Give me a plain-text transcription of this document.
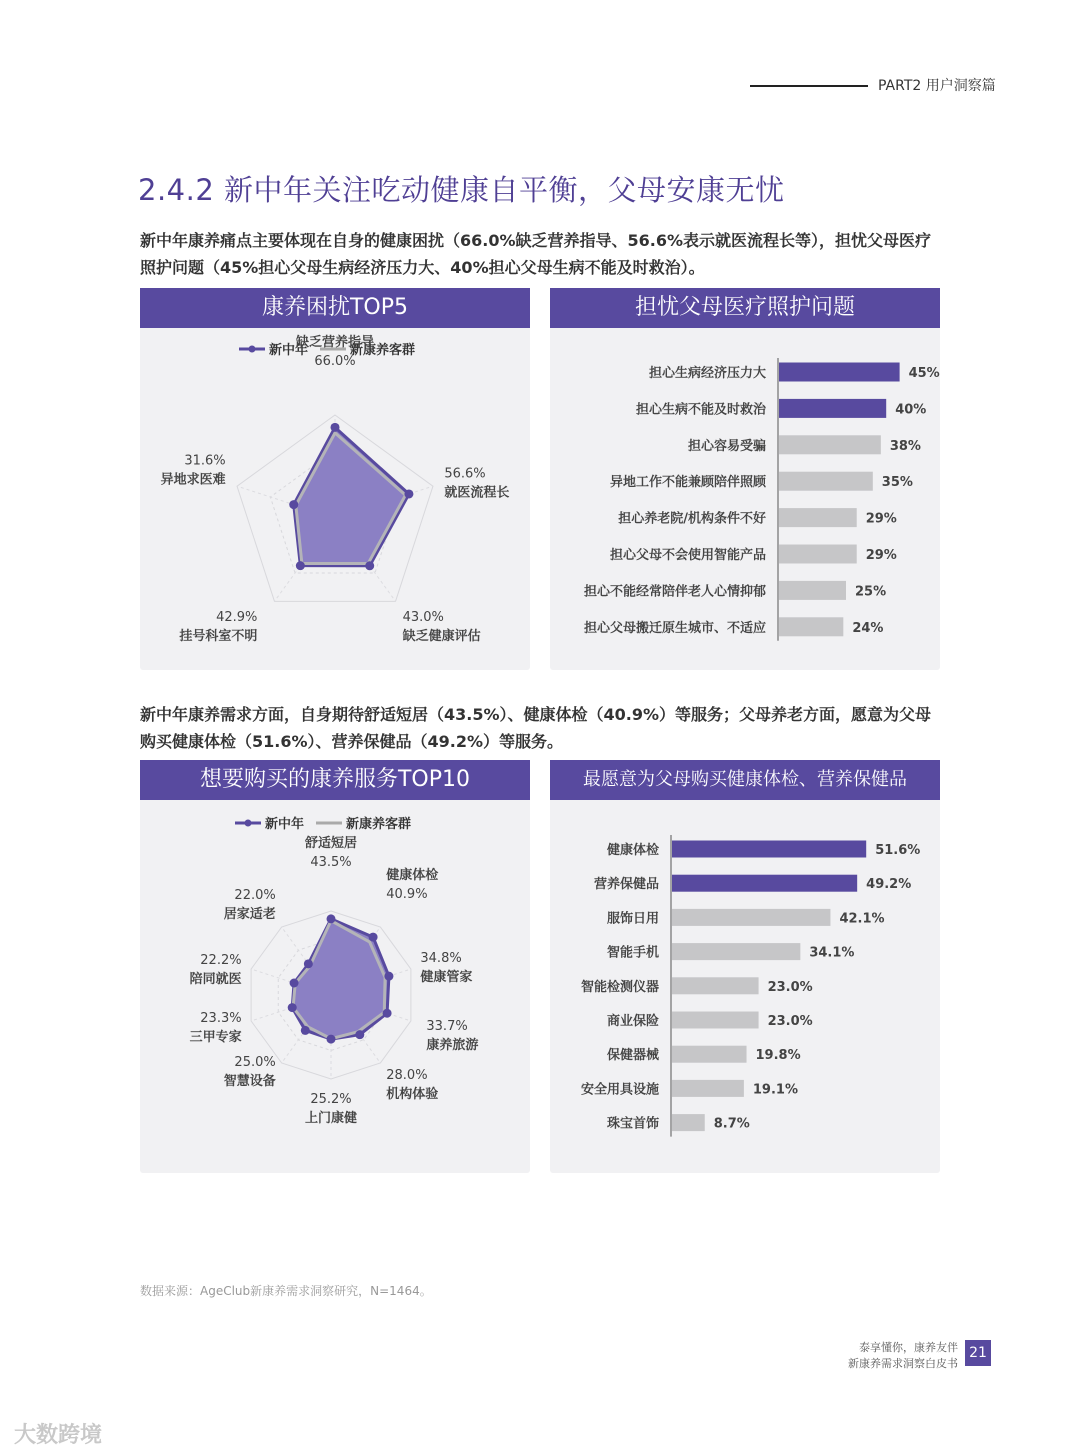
PART2 用户洞察篇
2.4.2 新中年关注吃动健康自平衡，父母安康无忧
新中年康养痛点主要体现在自身的健康困扰（66.0%缺乏营养指导、56.6%表示就医流程长等），担忧父母医疗照护问题（45%担心父母生病经济压力大、40%担心父母生病不能及时救治）。
康养困扰TOP5
新中年	新康养客群
66.0%
缺乏营养指导
56.6%
就医流程长
43.0%
缺乏健康评估
42.9%
挂号科室不明
31.6%
异地求医难
担忧父母医疗照护问题
担心生病经济压力大	45%
担心生病不能及时救治	40%
担心容易受骗	38%
异地工作不能兼顾陪伴照顾	35%
担心养老院/机构条件不好	29%
担心父母不会使用智能产品	29%
担心不能经常陪伴老人心情抑郁	25%
担心父母搬迁原生城市、不适应	24%
新中年康养需求方面，自身期待舒适短居（43.5%）、健康体检（40.9%）等服务；父母养老方面，愿意为父母购买健康体检（51.6%）、营养保健品（49.2%）等服务。
想要购买的康养服务TOP10
新中年	新康养客群
43.5%
舒适短居
40.9%
健康体检
34.8%
健康管家
33.7%
康养旅游
28.0%
机构体验
25.2%
上门康健
25.0%
智慧设备
23.3%
三甲专家
22.2%
陪同就医
22.0%
居家适老
最愿意为父母购买健康体检、营养保健品
健康体检	51.6%
营养保健品	49.2%
服饰日用	42.1%
智能手机	34.1%
智能检测仪器	23.0%
商业保险	23.0%
保健器械	19.8%
安全用具设施	19.1%
珠宝首饰	8.7%
数据来源：AgeClub新康养需求洞察研究，N=1464。
泰享懂你，康养友伴
新康养需求洞察白皮书
21
大数跨境
